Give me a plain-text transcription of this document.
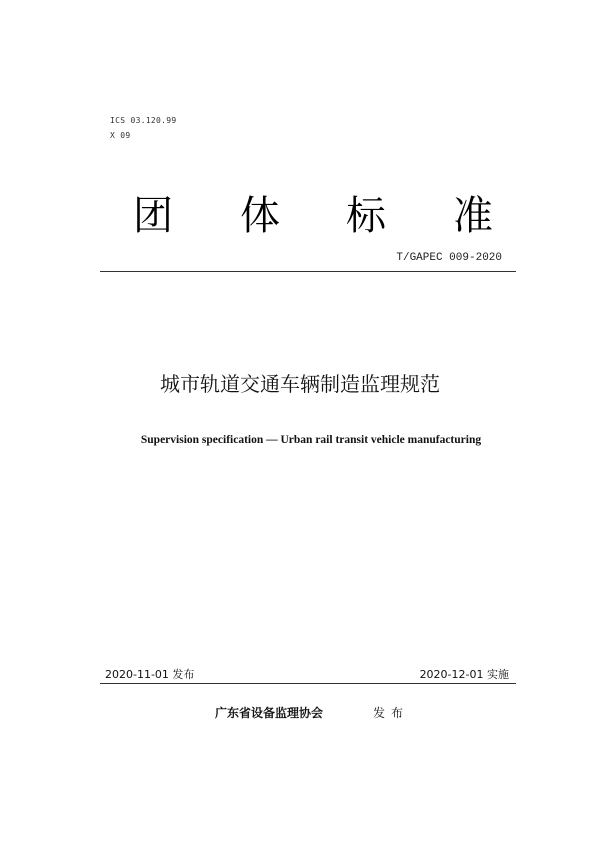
ICS 03.120.99
X 09
团 体 标 准
T/GAPEC 009-2020
城市轨道交通车辆制造监理规范
Supervision specification — Urban rail transit vehicle manufacturing
2020-11-01 发布	2020-12-01 实施
广东省设备监理协会	发布
